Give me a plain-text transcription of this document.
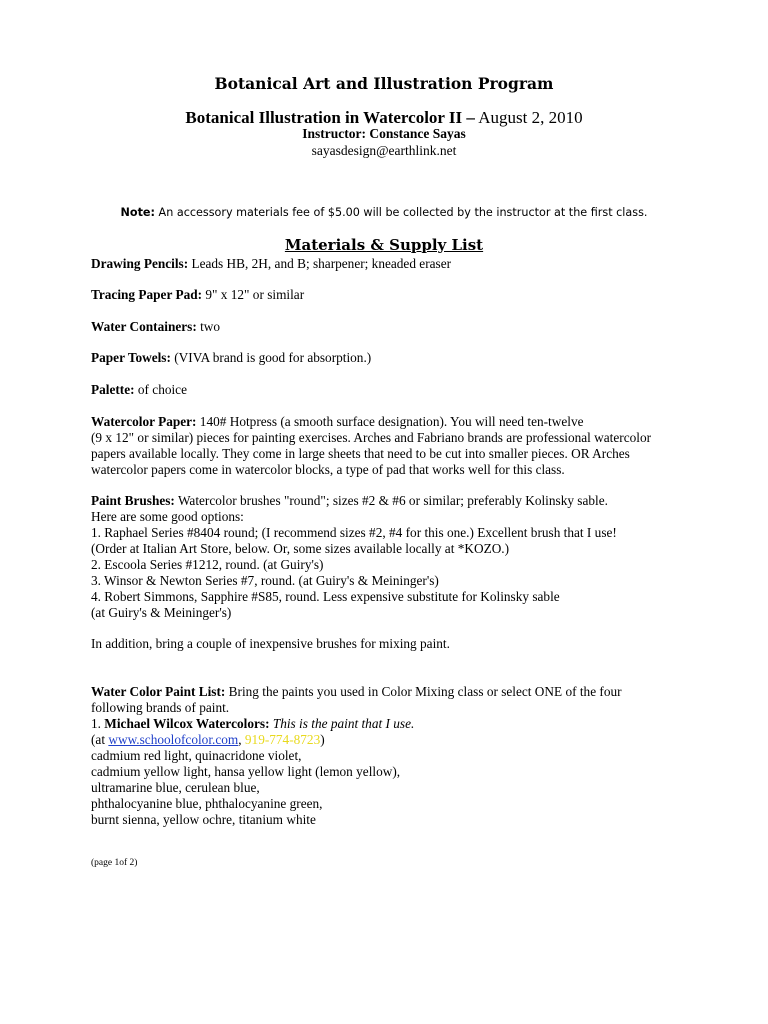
Botanical Art and Illustration Program
Botanical Illustration in Watercolor II – August 2, 2010
Instructor: Constance Sayas
sayasdesign@earthlink.net
Note: An accessory materials fee of $5.00 will be collected by the instructor at the first class.
Materials & Supply List
Drawing Pencils: Leads HB, 2H, and B; sharpener; kneaded eraser
Tracing Paper Pad: 9" x 12" or similar
Water Containers: two
Paper Towels: (VIVA brand is good for absorption.)
Palette: of choice
Watercolor Paper: 140# Hotpress (a smooth surface designation). You will need ten-twelve
(9 x 12" or similar) pieces for painting exercises. Arches and Fabriano brands are professional watercolor
papers available locally. They come in large sheets that need to be cut into smaller pieces. OR Arches
watercolor papers come in watercolor blocks, a type of pad that works well for this class.
Paint Brushes: Watercolor brushes "round"; sizes #2 & #6 or similar; preferably Kolinsky sable.
Here are some good options:
1. Raphael Series #8404 round; (I recommend sizes #2, #4 for this one.) Excellent brush that I use!
(Order at Italian Art Store, below. Or, some sizes available locally at *KOZO.)
2. Escoola Series #1212, round. (at Guiry's)
3. Winsor & Newton Series #7, round. (at Guiry's & Meininger's)
4. Robert Simmons, Sapphire #S85, round. Less expensive substitute for Kolinsky sable
(at Guiry's & Meininger's)
In addition, bring a couple of inexpensive brushes for mixing paint.
Water Color Paint List: Bring the paints you used in Color Mixing class or select ONE of the four
following brands of paint.
1. Michael Wilcox Watercolors: This is the paint that I use.
(at www.schoolofcolor.com, 919-774-8723)
cadmium red light, quinacridone violet,
cadmium yellow light, hansa yellow light (lemon yellow),
ultramarine blue, cerulean blue,
phthalocyanine blue, phthalocyanine green,
burnt sienna, yellow ochre, titanium white
(page 1of 2)
